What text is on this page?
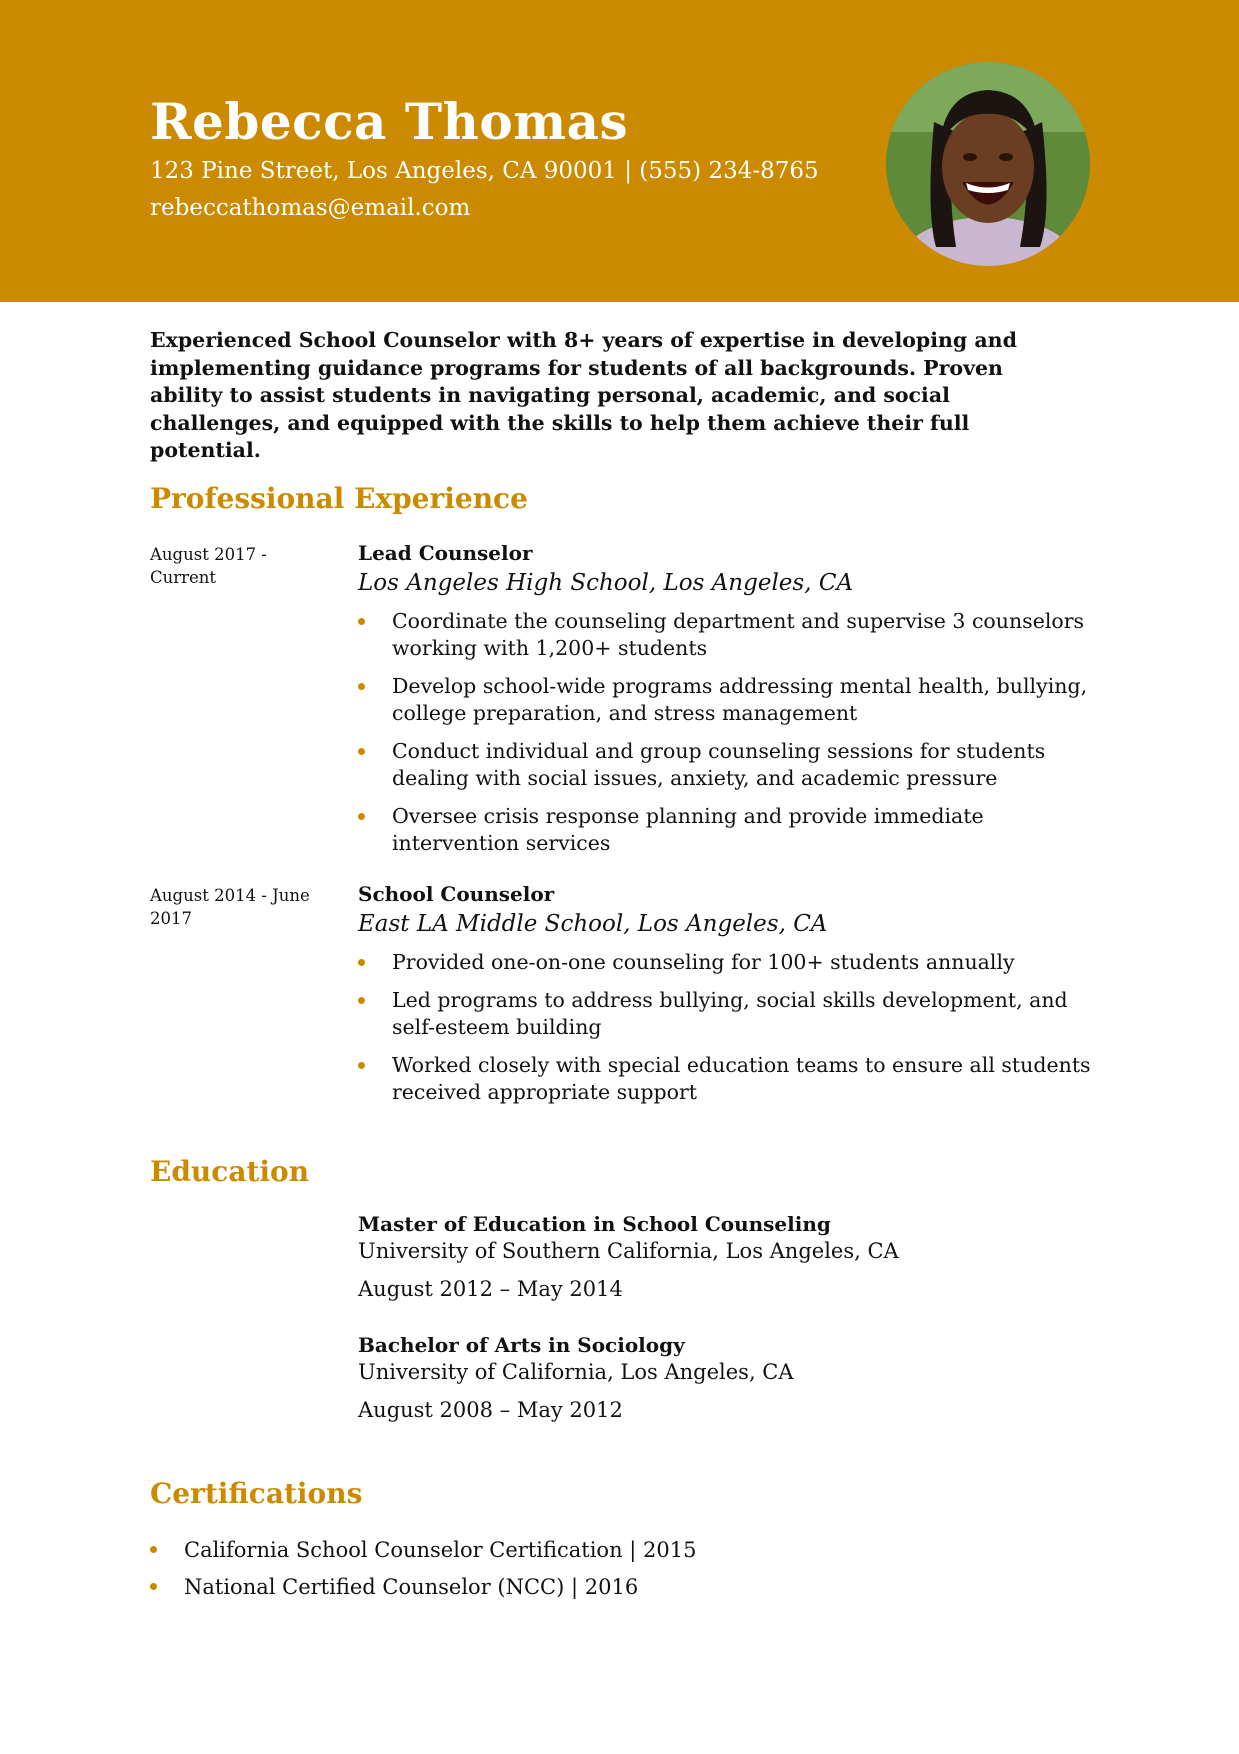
Rebecca Thomas

123 Pine Street, Los Angeles, CA 90001 | (555) 234-8765

rebeccathomas@email.com

Experienced School Counselor with 8+ years of expertise in developing and implementing guidance programs for students of all backgrounds. Proven ability to assist students in navigating personal, academic, and social challenges, and equipped with the skills to help them achieve their full potential.

Professional Experience
August 2017 - Current

Lead Counselor

Los Angeles High School, Los Angeles, CA

Coordinate the counseling department and supervise 3 counselors working with 1,200+ students
Develop school-wide programs addressing mental health, bullying, college preparation, and stress management
Conduct individual and group counseling sessions for students dealing with social issues, anxiety, and academic pressure
Oversee crisis response planning and provide immediate intervention services
August 2014 - June 2017

School Counselor

East LA Middle School, Los Angeles, CA

Provided one-on-one counseling for 100+ students annually
Led programs to address bullying, social skills development, and self-esteem building
Worked closely with special education teams to ensure all students received appropriate support
Education

Master of Education in School Counseling

University of Southern California, Los Angeles, CA

August 2012 – May 2014

Bachelor of Arts in Sociology

University of California, Los Angeles, CA

August 2008 – May 2012

Certifications
California School Counselor Certification | 2015
National Certified Counselor (NCC) | 2016
